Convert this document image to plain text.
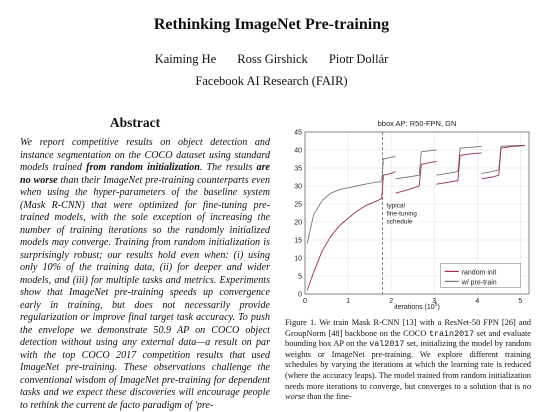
Rethinking ImageNet Pre-training
Kaiming He Ross Girshick Piotr Dollár
Facebook AI Research (FAIR)
Abstract
We report competitive results on object detection and instance segmentation on the COCO dataset using standard models trained from random initialization. The results are no worse than their ImageNet pre-training counterparts even when using the hyper-parameters of the baseline system (Mask R-CNN) that were optimized for fine-tuning pre-trained models, with the sole exception of increasing the number of training iterations so the randomly initialized models may converge. Training from random initialization is surprisingly robust; our results hold even when: (i) using only 10% of the training data, (ii) for deeper and wider models, and (iii) for multiple tasks and metrics. Experiments show that ImageNet pre-training speeds up convergence early in training, but does not necessarily provide regularization or improve final target task accuracy. To push the envelope we demonstrate 50.9 AP on COCO object detection without using any external data—a result on par with the top COCO 2017 competition results that used ImageNet pre-training. These observations challenge the conventional wisdom of ImageNet pre-training for dependent tasks and we expect these discoveries will encourage people to rethink the current de facto paradigm of 'pre-
bbox AP: R50-FPN, GN
0
5
10
15
20
25
30
35
40
45
0	1	2	3	4	5
typical
fine-tuning
schedule
random init
w/ pre-train
iterations $(10^5)$
Figure 1. We train Mask R-CNN [13] with a ResNet-50 FPN [26] and GroupNorm [48] backbone on the COCO train2017 set and evaluate bounding box AP on the val2017 set, initializing the model by random weights or ImageNet pre-training. We explore different training schedules by varying the iterations at which the learning rate is reduced (where the accuracy leaps). The model trained from random initialization needs more iterations to converge, but converges to a solution that is no worse than the fine-
